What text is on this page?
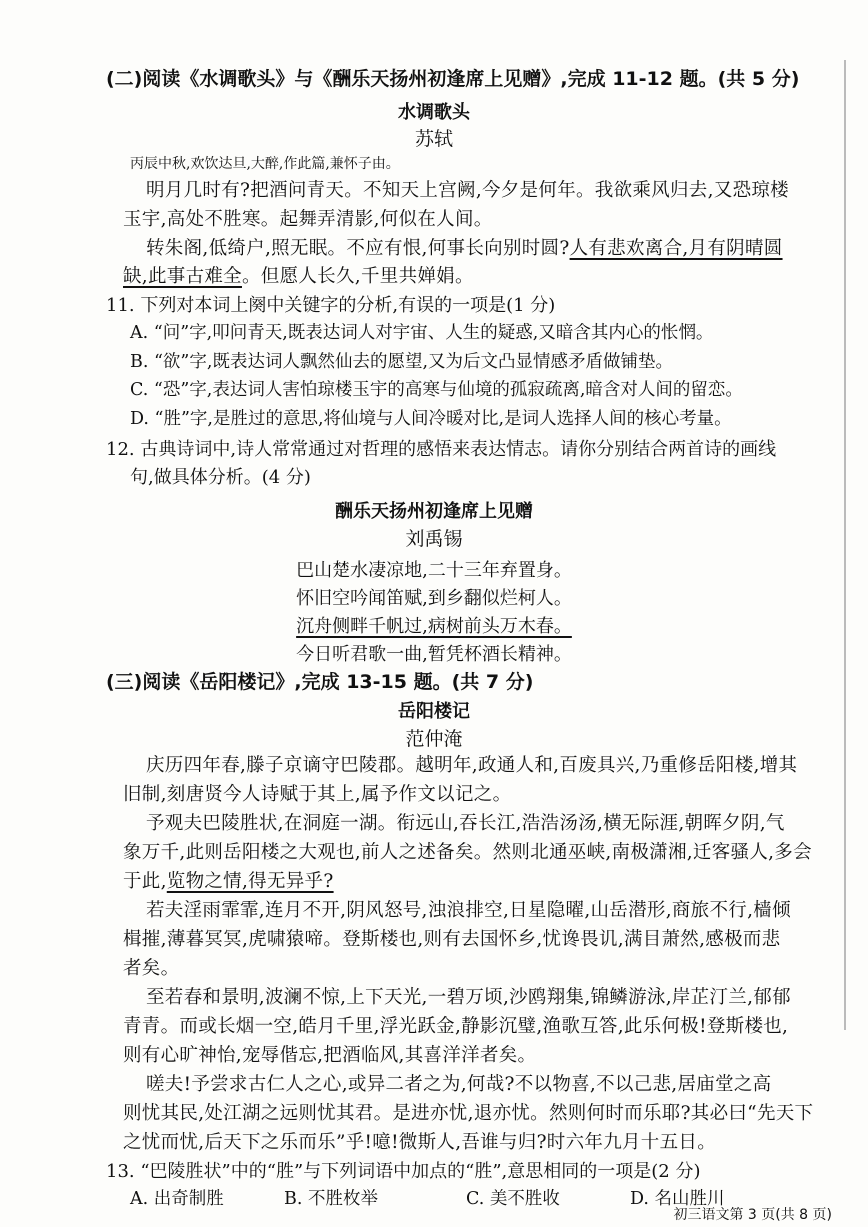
(二)阅读《水调歌头》与《酬乐天扬州初逢席上见赠》,完成 11-12 题。(共 5 分)
水调歌头
苏轼
丙辰中秋,欢饮达旦,大醉,作此篇,兼怀子由。
明月几时有?把酒问青天。不知天上宫阙,今夕是何年。我欲乘风归去,又恐琼楼
玉宇,高处不胜寒。起舞弄清影,何似在人间。
转朱阁,低绮户,照无眠。不应有恨,何事长向别时圆?人有悲欢离合,月有阴晴圆
缺,此事古难全。但愿人长久,千里共婵娟。
11. 下列对本词上阕中关键字的分析,有误的一项是(1 分)
A. “问”字,叩问青天,既表达词人对宇宙、人生的疑惑,又暗含其内心的怅惘。
B. “欲”字,既表达词人飘然仙去的愿望,又为后文凸显情感矛盾做铺垫。
C. “恐”字,表达词人害怕琼楼玉宇的高寒与仙境的孤寂疏离,暗含对人间的留恋。
D. “胜”字,是胜过的意思,将仙境与人间冷暖对比,是词人选择人间的核心考量。
12. 古典诗词中,诗人常常通过对哲理的感悟来表达情志。请你分别结合两首诗的画线
句,做具体分析。(4 分)
酬乐天扬州初逢席上见赠
刘禹锡
巴山楚水凄凉地,二十三年弃置身。
怀旧空吟闻笛赋,到乡翻似烂柯人。
沉舟侧畔千帆过,病树前头万木春。
今日听君歌一曲,暂凭杯酒长精神。
(三)阅读《岳阳楼记》,完成 13-15 题。(共 7 分)
岳阳楼记
范仲淹
庆历四年春,滕子京谪守巴陵郡。越明年,政通人和,百废具兴,乃重修岳阳楼,增其
旧制,刻唐贤今人诗赋于其上,属予作文以记之。
予观夫巴陵胜状,在洞庭一湖。衔远山,吞长江,浩浩汤汤,横无际涯,朝晖夕阴,气
象万千,此则岳阳楼之大观也,前人之述备矣。然则北通巫峡,南极潇湘,迁客骚人,多会
于此,览物之情,得无异乎?
若夫淫雨霏霏,连月不开,阴风怒号,浊浪排空,日星隐曜,山岳潜形,商旅不行,樯倾
楫摧,薄暮冥冥,虎啸猿啼。登斯楼也,则有去国怀乡,忧谗畏讥,满目萧然,感极而悲
者矣。
至若春和景明,波澜不惊,上下天光,一碧万顷,沙鸥翔集,锦鳞游泳,岸芷汀兰,郁郁
青青。而或长烟一空,皓月千里,浮光跃金,静影沉璧,渔歌互答,此乐何极!登斯楼也,
则有心旷神怡,宠辱偕忘,把酒临风,其喜洋洋者矣。
嗟夫!予尝求古仁人之心,或异二者之为,何哉?不以物喜,不以己悲,居庙堂之高
则忧其民,处江湖之远则忧其君。是进亦忧,退亦忧。然则何时而乐耶?其必曰“先天下
之忧而忧,后天下之乐而乐”乎!噫!微斯人,吾谁与归?时六年九月十五日。
13. “巴陵胜状”中的“胜”与下列词语中加点的“胜”,意思相同的一项是(2 分)
A. 出奇制胜	B. 不胜枚举	C. 美不胜收	D. 名山胜川
初三语文第 3 页(共 8 页)
